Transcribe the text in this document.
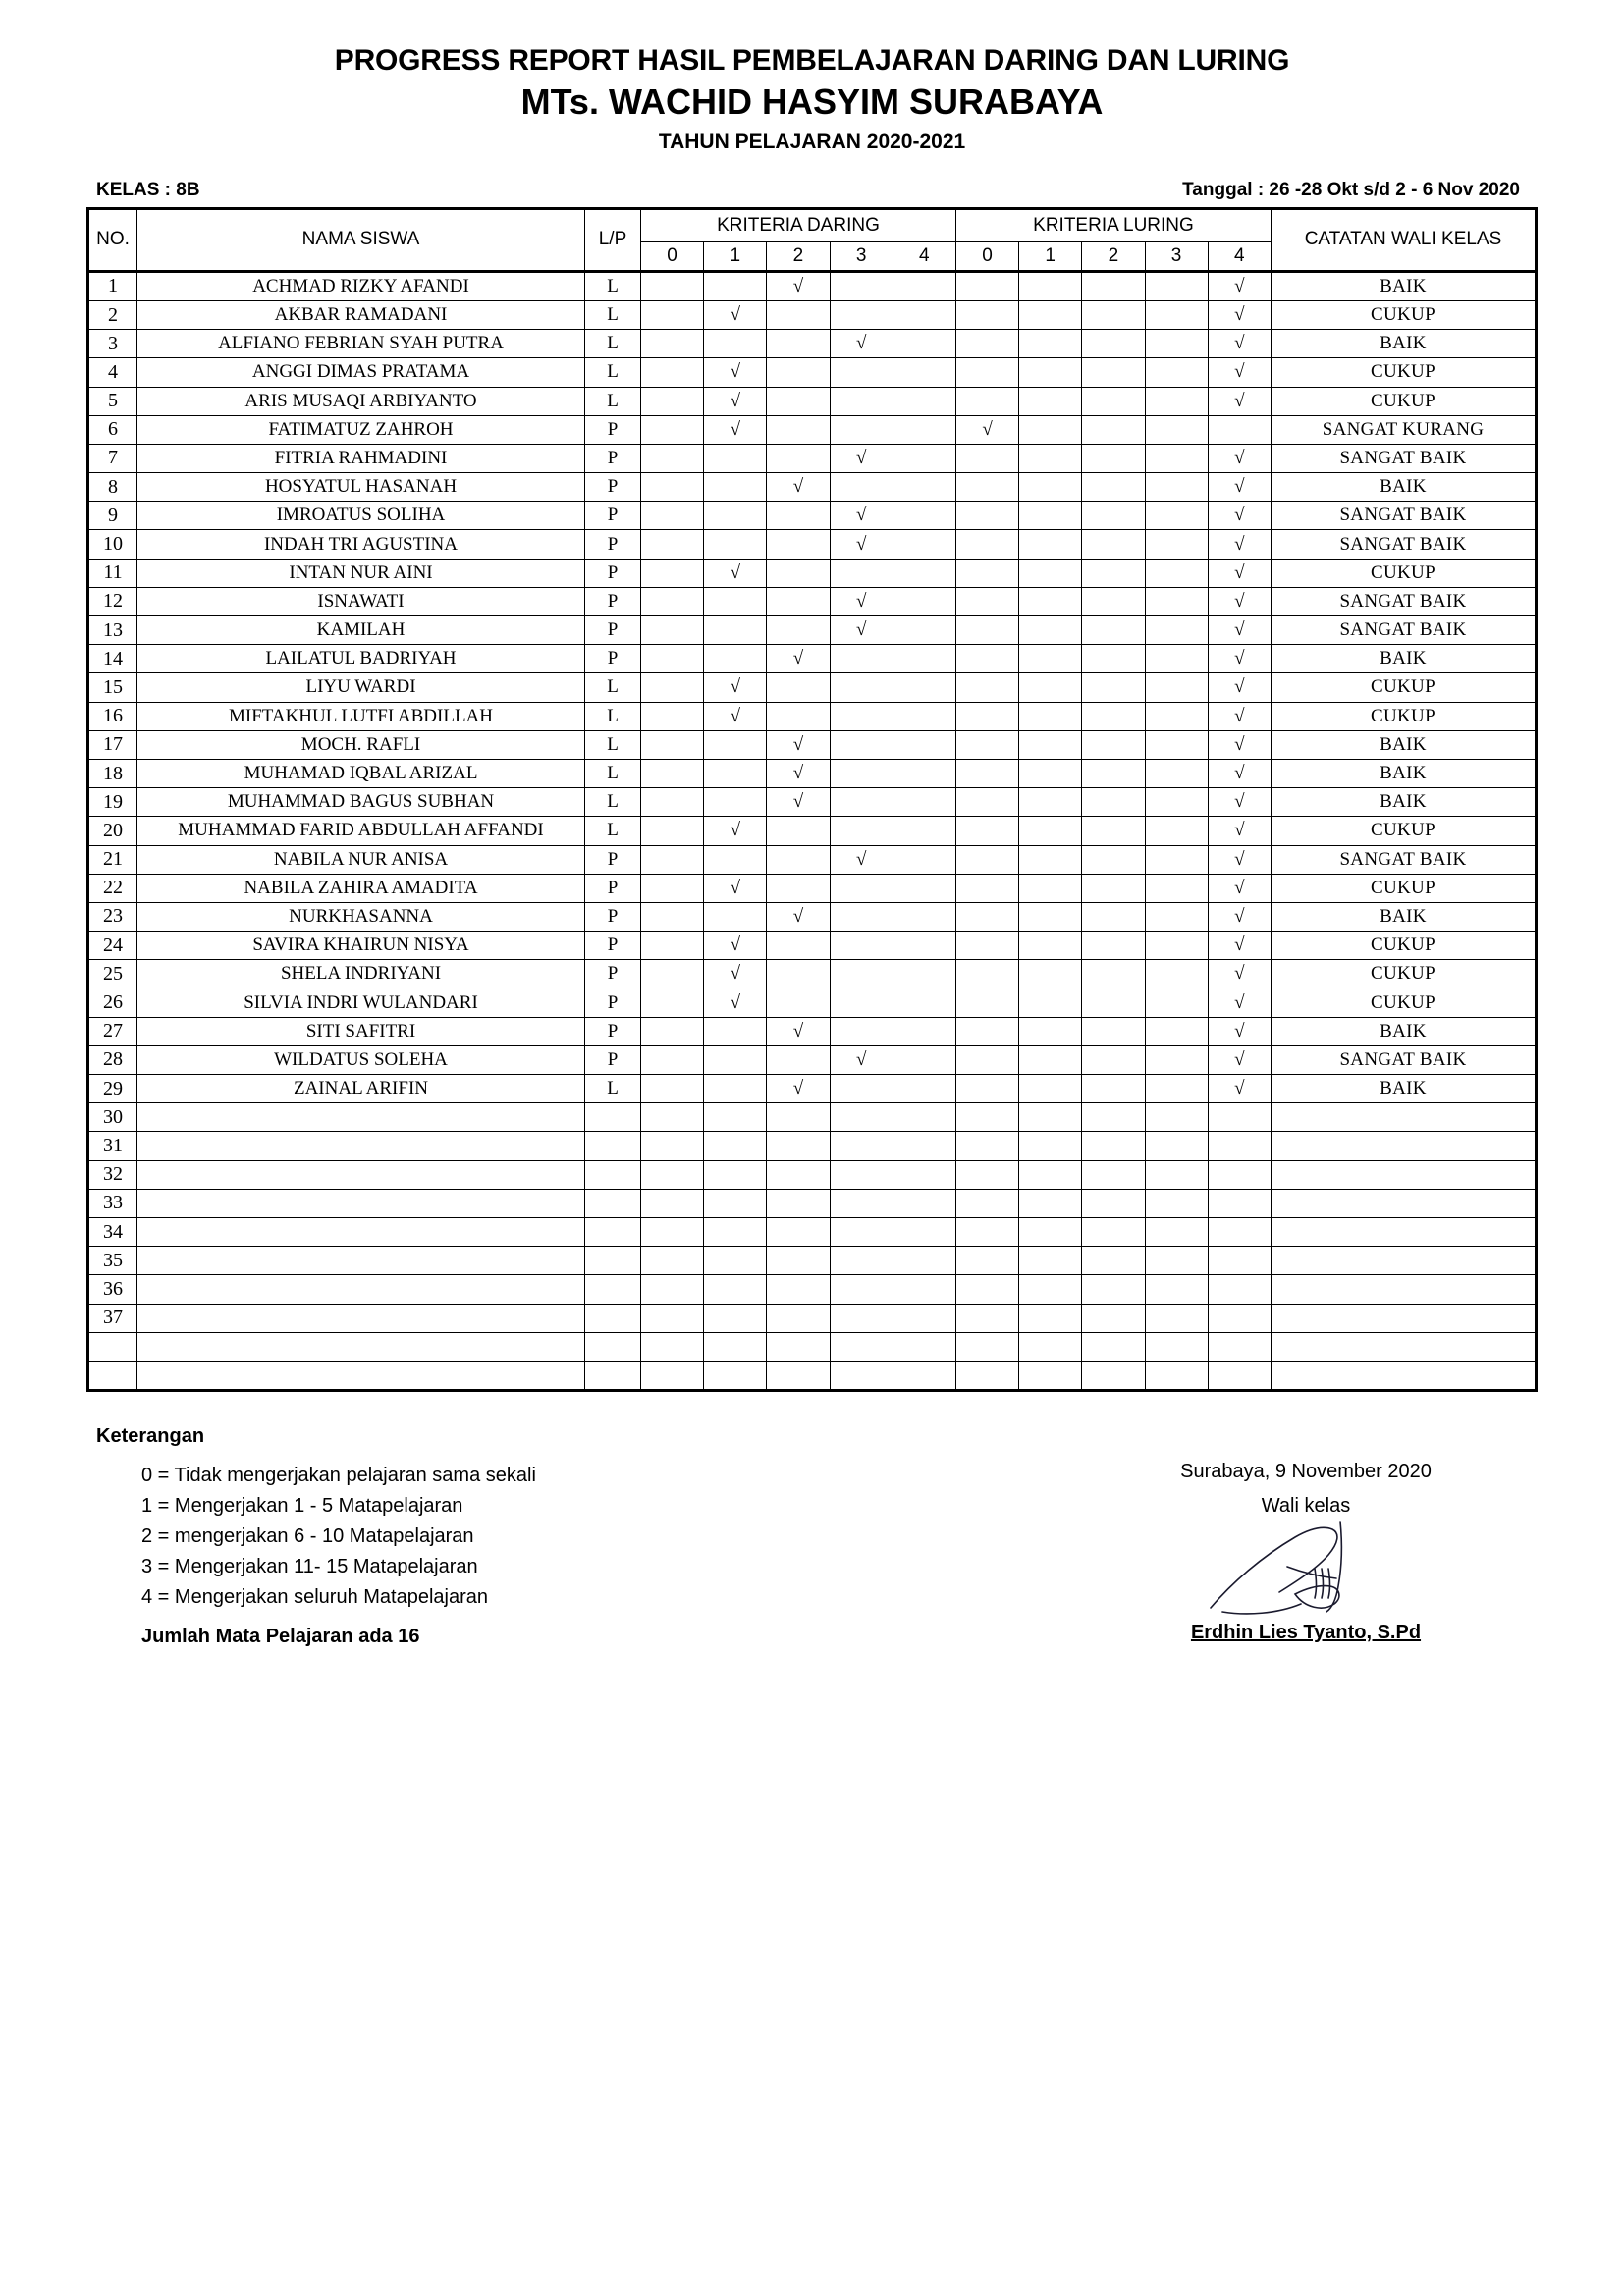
PROGRESS REPORT HASIL PEMBELAJARAN DARING DAN LURING
MTs. WACHID HASYIM SURABAYA
TAHUN PELAJARAN 2020-2021
KELAS : 8B	Tanggal : 26 -28 Okt s/d 2 - 6 Nov 2020
NO.	NAMA SISWA	L/P	KRITERIA DARING					KRITERIA LURING					CATATAN WALI KELAS
			0	1	2	3	4	0	1	2	3	4	
1	ACHMAD RIZKY AFANDI	L			√							√	BAIK
2	AKBAR RAMADANI	L		√								√	CUKUP
3	ALFIANO FEBRIAN SYAH PUTRA	L				√						√	BAIK
4	ANGGI DIMAS PRATAMA	L		√								√	CUKUP
5	ARIS MUSAQI ARBIYANTO	L		√								√	CUKUP
6	FATIMATUZ ZAHROH	P		√				√					SANGAT KURANG
7	FITRIA RAHMADINI	P				√						√	SANGAT BAIK
8	HOSYATUL HASANAH	P			√							√	BAIK
9	IMROATUS SOLIHA	P				√						√	SANGAT BAIK
10	INDAH TRI AGUSTINA	P				√						√	SANGAT BAIK
11	INTAN NUR AINI	P		√								√	CUKUP
12	ISNAWATI	P				√						√	SANGAT BAIK
13	KAMILAH	P				√						√	SANGAT BAIK
14	LAILATUL BADRIYAH	P			√							√	BAIK
15	LIYU WARDI	L		√								√	CUKUP
16	MIFTAKHUL LUTFI ABDILLAH	L		√								√	CUKUP
17	MOCH. RAFLI	L			√							√	BAIK
18	MUHAMAD IQBAL ARIZAL	L			√							√	BAIK
19	MUHAMMAD BAGUS SUBHAN	L			√							√	BAIK
20	MUHAMMAD FARID ABDULLAH AFFANDI	L		√								√	CUKUP
21	NABILA NUR ANISA	P				√						√	SANGAT BAIK
22	NABILA ZAHIRA AMADITA	P		√								√	CUKUP
23	NURKHASANNA	P			√							√	BAIK
24	SAVIRA KHAIRUN NISYA	P		√								√	CUKUP
25	SHELA INDRIYANI	P		√								√	CUKUP
26	SILVIA INDRI WULANDARI	P		√								√	CUKUP
27	SITI SAFITRI	P			√							√	BAIK
28	WILDATUS SOLEHA	P				√						√	SANGAT BAIK
29	ZAINAL ARIFIN	L			√							√	BAIK
30													
31													
32													
33													
34													
35													
36													
37													

Keterangan
0 = Tidak mengerjakan pelajaran sama sekali
1 = Mengerjakan 1 - 5 Matapelajaran
2 = mengerjakan 6 - 10 Matapelajaran
3 = Mengerjakan 11- 15 Matapelajaran
4 = Mengerjakan seluruh Matapelajaran
Jumlah Mata Pelajaran ada 16
Surabaya, 9 November 2020
Wali kelas
Erdhin Lies Tyanto, S.Pd
